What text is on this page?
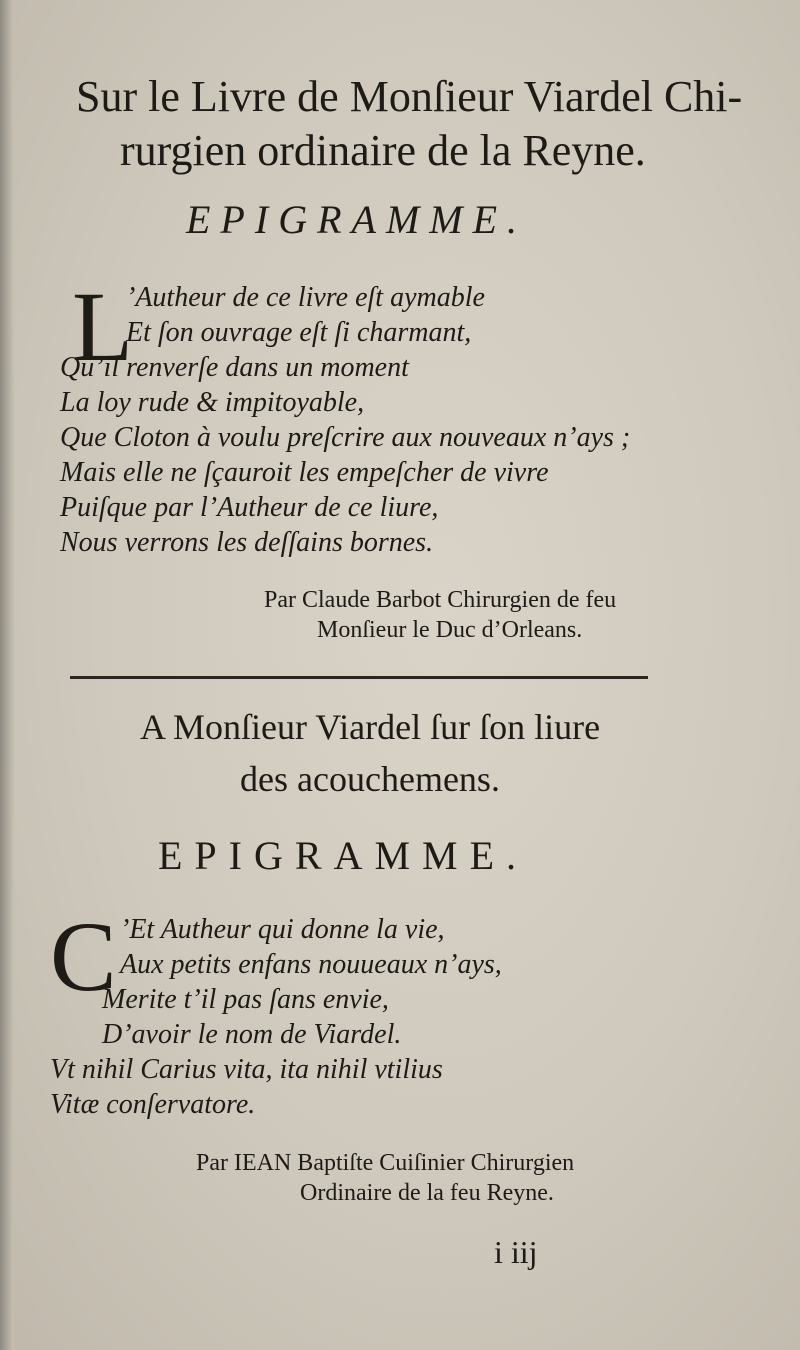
Sur le Livre de Monſieur Viardel Chi-
rurgien ordinaire de la Reyne.
EPIGRAMME.
L
’Autheur de ce livre eſt aymable
Et ſon ouvrage eſt ſi charmant,
Qu’il renverſe dans un moment
La loy rude & impitoyable,
Que Cloton à voulu preſcrire aux nouveaux n’ays ;
Mais elle ne ſçauroit les empeſcher de vivre
Puiſque par l’Autheur de ce liure,
Nous verrons les deſſains bornes.
Par Claude Barbot Chirurgien de feu
Monſieur le Duc d’Orleans.
A Monſieur Viardel ſur ſon liure
des acouchemens.
EPIGRAMME.
C ’Et Autheur qui donne la vie,
Aux petits enfans nouueaux n’ays,
Merite t’il pas ſans envie,
D’avoir le nom de Viardel.
Vt nihil Carius vita, ita nihil vtilius
Vitæ conſervatore.
Par IEAN Baptiſte Cuiſinier Chirurgien
Ordinaire de la feu Reyne.
i iij
